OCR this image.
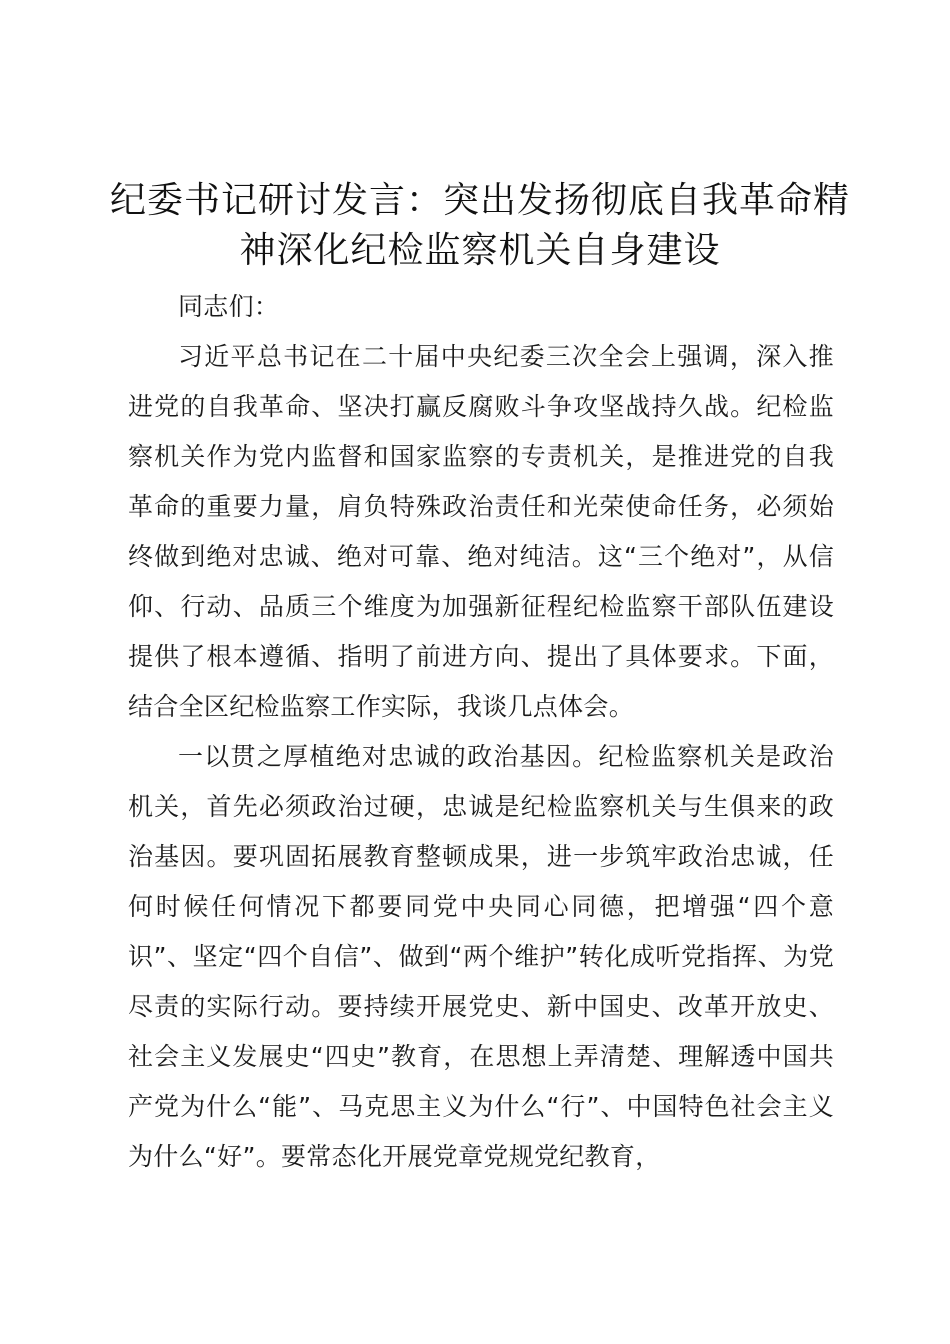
纪委书记研讨发言：突出发扬彻底自我革命精神深化纪检监察机关自身建设

同志们：

习近平总书记在二十届中央纪委三次全会上强调，深入推进党的自我革命、坚决打赢反腐败斗争攻坚战持久战。纪检监察机关作为党内监督和国家监察的专责机关，是推进党的自我革命的重要力量，肩负特殊政治责任和光荣使命任务，必须始终做到绝对忠诚、绝对可靠、绝对纯洁。这“三个绝对”，从信仰、行动、品质三个维度为加强新征程纪检监察干部队伍建设提供了根本遵循、指明了前进方向、提出了具体要求。下面，结合全区纪检监察工作实际，我谈几点体会。

一以贯之厚植绝对忠诚的政治基因。纪检监察机关是政治机关，首先必须政治过硬，忠诚是纪检监察机关与生俱来的政治基因。要巩固拓展教育整顿成果，进一步筑牢政治忠诚，任何时候任何情况下都要同党中央同心同德，把增强“四个意识”、坚定“四个自信”、做到“两个维护”转化成听党指挥、为党尽责的实际行动。要持续开展党史、新中国史、改革开放史、社会主义发展史“四史”教育，在思想上弄清楚、理解透中国共产党为什么“能”、马克思主义为什么“行”、中国特色社会主义为什么“好”。要常态化开展党章党规党纪教育，
